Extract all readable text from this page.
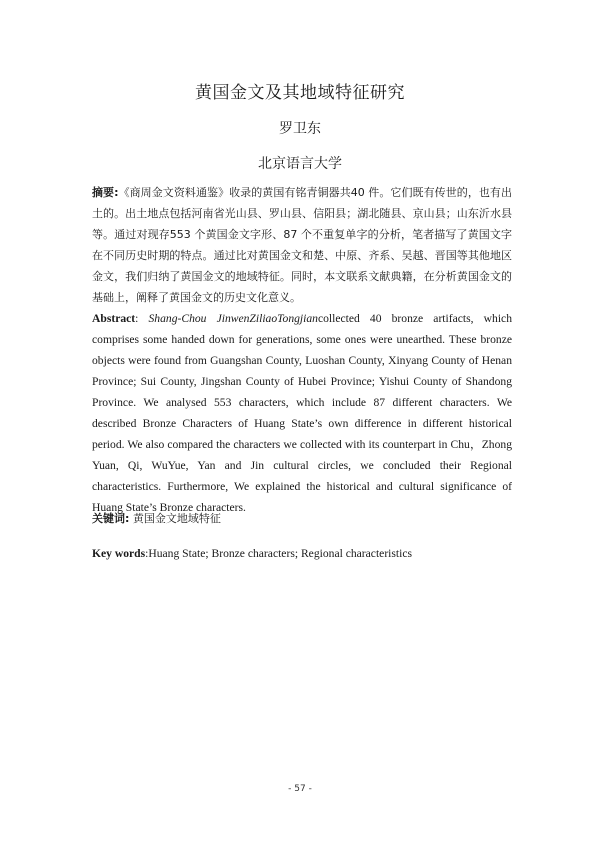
黄国金文及其地域特征研究
罗卫东
北京语言大学
摘要:《商周金文资料通鉴》收录的黄国有铭青铜器共40 件。它们既有传世的，也有出土的。出土地点包括河南省光山县、罗山县、信阳县；湖北随县、京山县；山东沂水县等。通过对现存553 个黄国金文字形、87 个不重复单字的分析，笔者描写了黄国文字在不同历史时期的特点。通过比对黄国金文和楚、中原、齐系、吴越、晋国等其他地区金文，我们归纳了黄国金文的地域特征。同时，本文联系文献典籍，在分析黄国金文的基础上，阐释了黄国金文的历史文化意义。
Abstract: Shang-Chou JinwenZiliaoTongjiancollected 40 bronze artifacts, which comprises some handed down for generations, some ones were unearthed. These bronze objects were found from Guangshan County, Luoshan County, Xinyang County of Henan Province; Sui County, Jingshan County of Hubei Province; Yishui County of Shandong Province. We analysed 553 characters, which include 87 different characters. We described Bronze Characters of Huang State’s own difference in different historical period. We also compared the characters we collected with its counterpart in Chu，Zhong Yuan, Qi, WuYue, Yan and Jin cultural circles, we concluded their Regional characteristics. Furthermore, We explained the historical and cultural significance of Huang State’s Bronze characters.
关键词: 黄国金文地域特征
Key words:Huang State; Bronze characters; Regional characteristics
- 57 -
